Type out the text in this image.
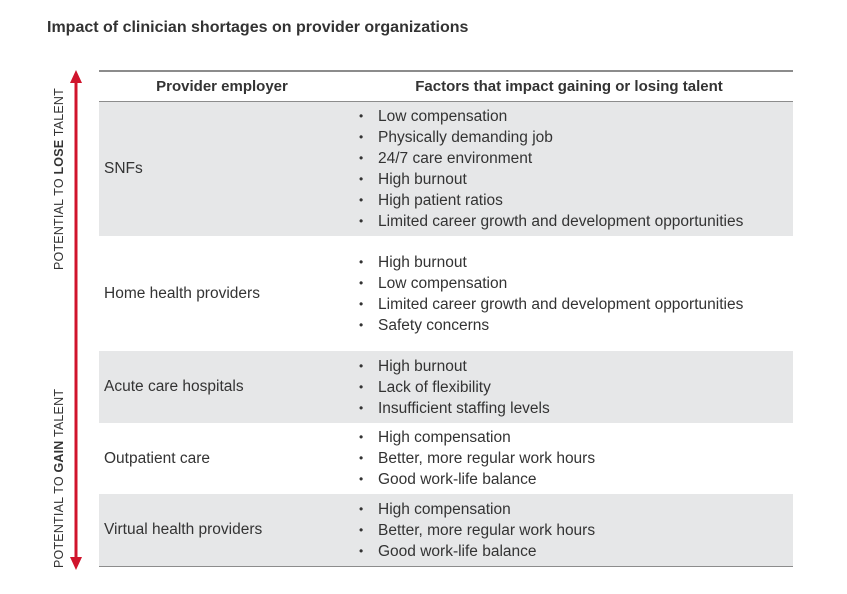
Impact of clinician shortages on provider organizations
POTENTIAL TO LOSE TALENT
POTENTIAL TO GAIN TALENT
Provider employer	Factors that impact gaining or losing talent
SNFs
• Low compensation
• Physically demanding job
• 24/7 care environment
• High burnout
• High patient ratios
• Limited career growth and development opportunities
Home health providers
• High burnout
• Low compensation
• Limited career growth and development opportunities
• Safety concerns
Acute care hospitals
• High burnout
• Lack of flexibility
• Insufficient staffing levels
Outpatient care
• High compensation
• Better, more regular work hours
• Good work-life balance
Virtual health providers
• High compensation
• Better, more regular work hours
• Good work-life balance
